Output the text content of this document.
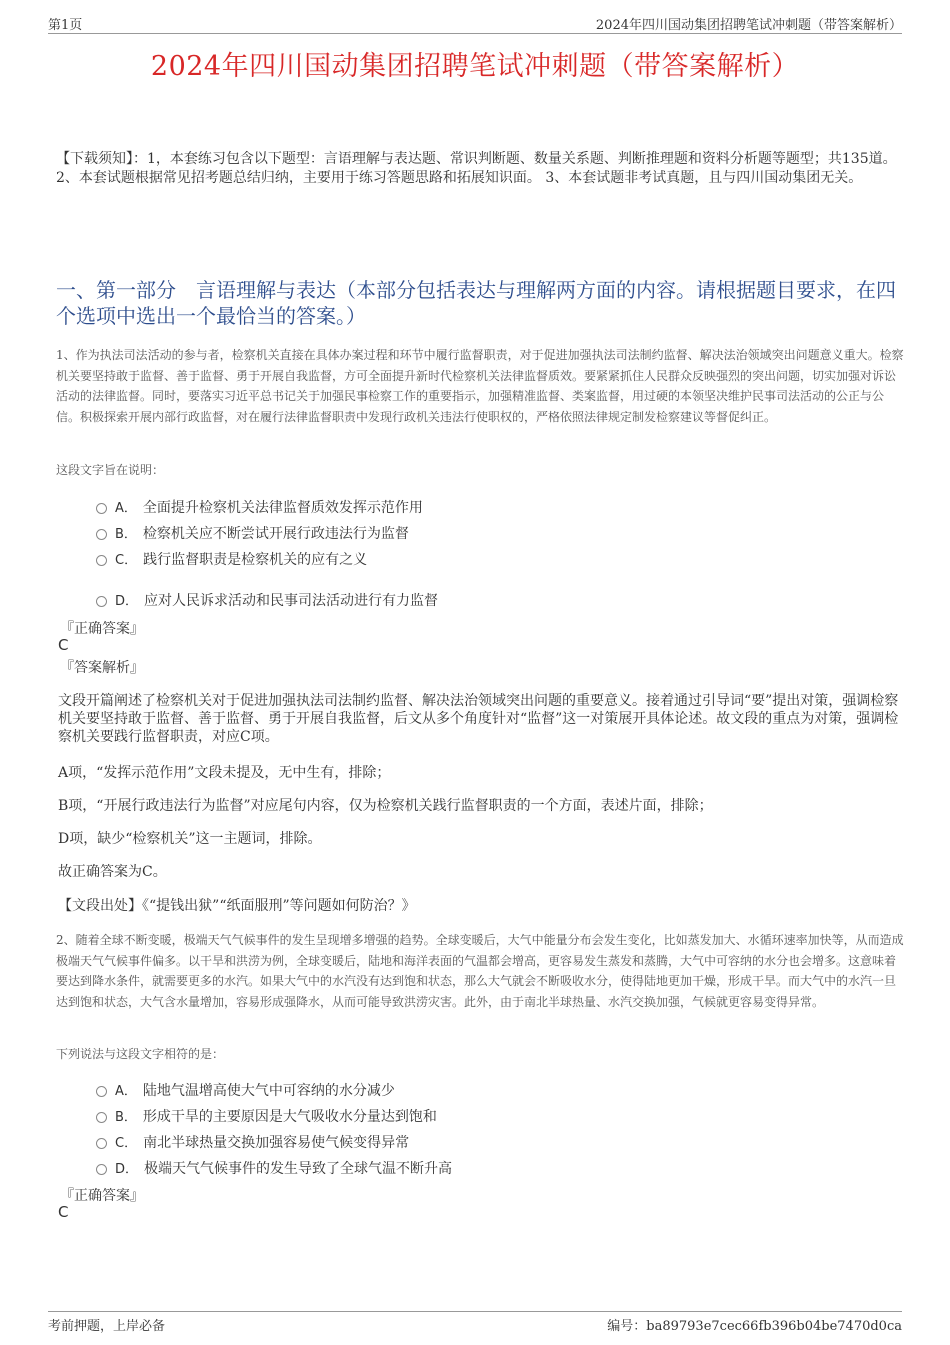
第1页	2024年四川国动集团招聘笔试冲刺题（带答案解析）
2024年四川国动集团招聘笔试冲刺题（带答案解析）
【下载须知】：1，本套练习包含以下题型：言语理解与表达题、常识判断题、数量关系题、判断推理题和资料分析题等题型；共135道。 2、本套试题根据常见招考题总结归纳，主要用于练习答题思路和拓展知识面。 3、本套试题非考试真题，且与四川国动集团无关。
一、第一部分　言语理解与表达（本部分包括表达与理解两方面的内容。请根据题目要求，在四个选项中选出一个最恰当的答案。）
1、作为执法司法活动的参与者，检察机关直接在具体办案过程和环节中履行监督职责，对于促进加强执法司法制约监督、解决法治领域突出问题意义重大。检察机关要坚持敢于监督、善于监督、勇于开展自我监督，方可全面提升新时代检察机关法律监督质效。要紧紧抓住人民群众反映强烈的突出问题，切实加强对诉讼活动的法律监督。同时，要落实习近平总书记关于加强民事检察工作的重要指示，加强精准监督、类案监督，用过硬的本领坚决维护民事司法活动的公正与公信。积极探索开展内部行政监督，对在履行法律监督职责中发现行政机关违法行使职权的，严格依照法律规定制发检察建议等督促纠正。
这段文字旨在说明：
A． 全面提升检察机关法律监督质效发挥示范作用
B． 检察机关应不断尝试开展行政违法行为监督
C． 践行监督职责是检察机关的应有之义
D． 应对人民诉求活动和民事司法活动进行有力监督
『正确答案』
C
『答案解析』
文段开篇阐述了检察机关对于促进加强执法司法制约监督、解决法治领域突出问题的重要意义。接着通过引导词“要”提出对策，强调检察机关要坚持敢于监督、善于监督、勇于开展自我监督，后文从多个角度针对“监督”这一对策展开具体论述。故文段的重点为对策，强调检察机关要践行监督职责，对应C项。
A项，“发挥示范作用”文段未提及，无中生有，排除；
B项，“开展行政违法行为监督”对应尾句内容，仅为检察机关践行监督职责的一个方面，表述片面，排除；
D项，缺少“检察机关”这一主题词，排除。
故正确答案为C。
【文段出处】《“提钱出狱”“纸面服刑”等问题如何防治？》
2、随着全球不断变暖，极端天气气候事件的发生呈现增多增强的趋势。全球变暖后，大气中能量分布会发生变化，比如蒸发加大、水循环速率加快等，从而造成极端天气气候事件偏多。以干旱和洪涝为例，全球变暖后，陆地和海洋表面的气温都会增高，更容易发生蒸发和蒸腾，大气中可容纳的水分也会增多。这意味着要达到降水条件，就需要更多的水汽。如果大气中的水汽没有达到饱和状态，那么大气就会不断吸收水分，使得陆地更加干燥，形成干旱。而大气中的水汽一旦达到饱和状态，大气含水量增加，容易形成强降水，从而可能导致洪涝灾害。此外，由于南北半球热量、水汽交换加强，气候就更容易变得异常。
下列说法与这段文字相符的是：
A． 陆地气温增高使大气中可容纳的水分减少
B． 形成干旱的主要原因是大气吸收水分量达到饱和
C． 南北半球热量交换加强容易使气候变得异常
D． 极端天气气候事件的发生导致了全球气温不断升高
『正确答案』
C
考前押题，上岸必备	编号：ba89793e7cec66fb396b04be7470d0ca
